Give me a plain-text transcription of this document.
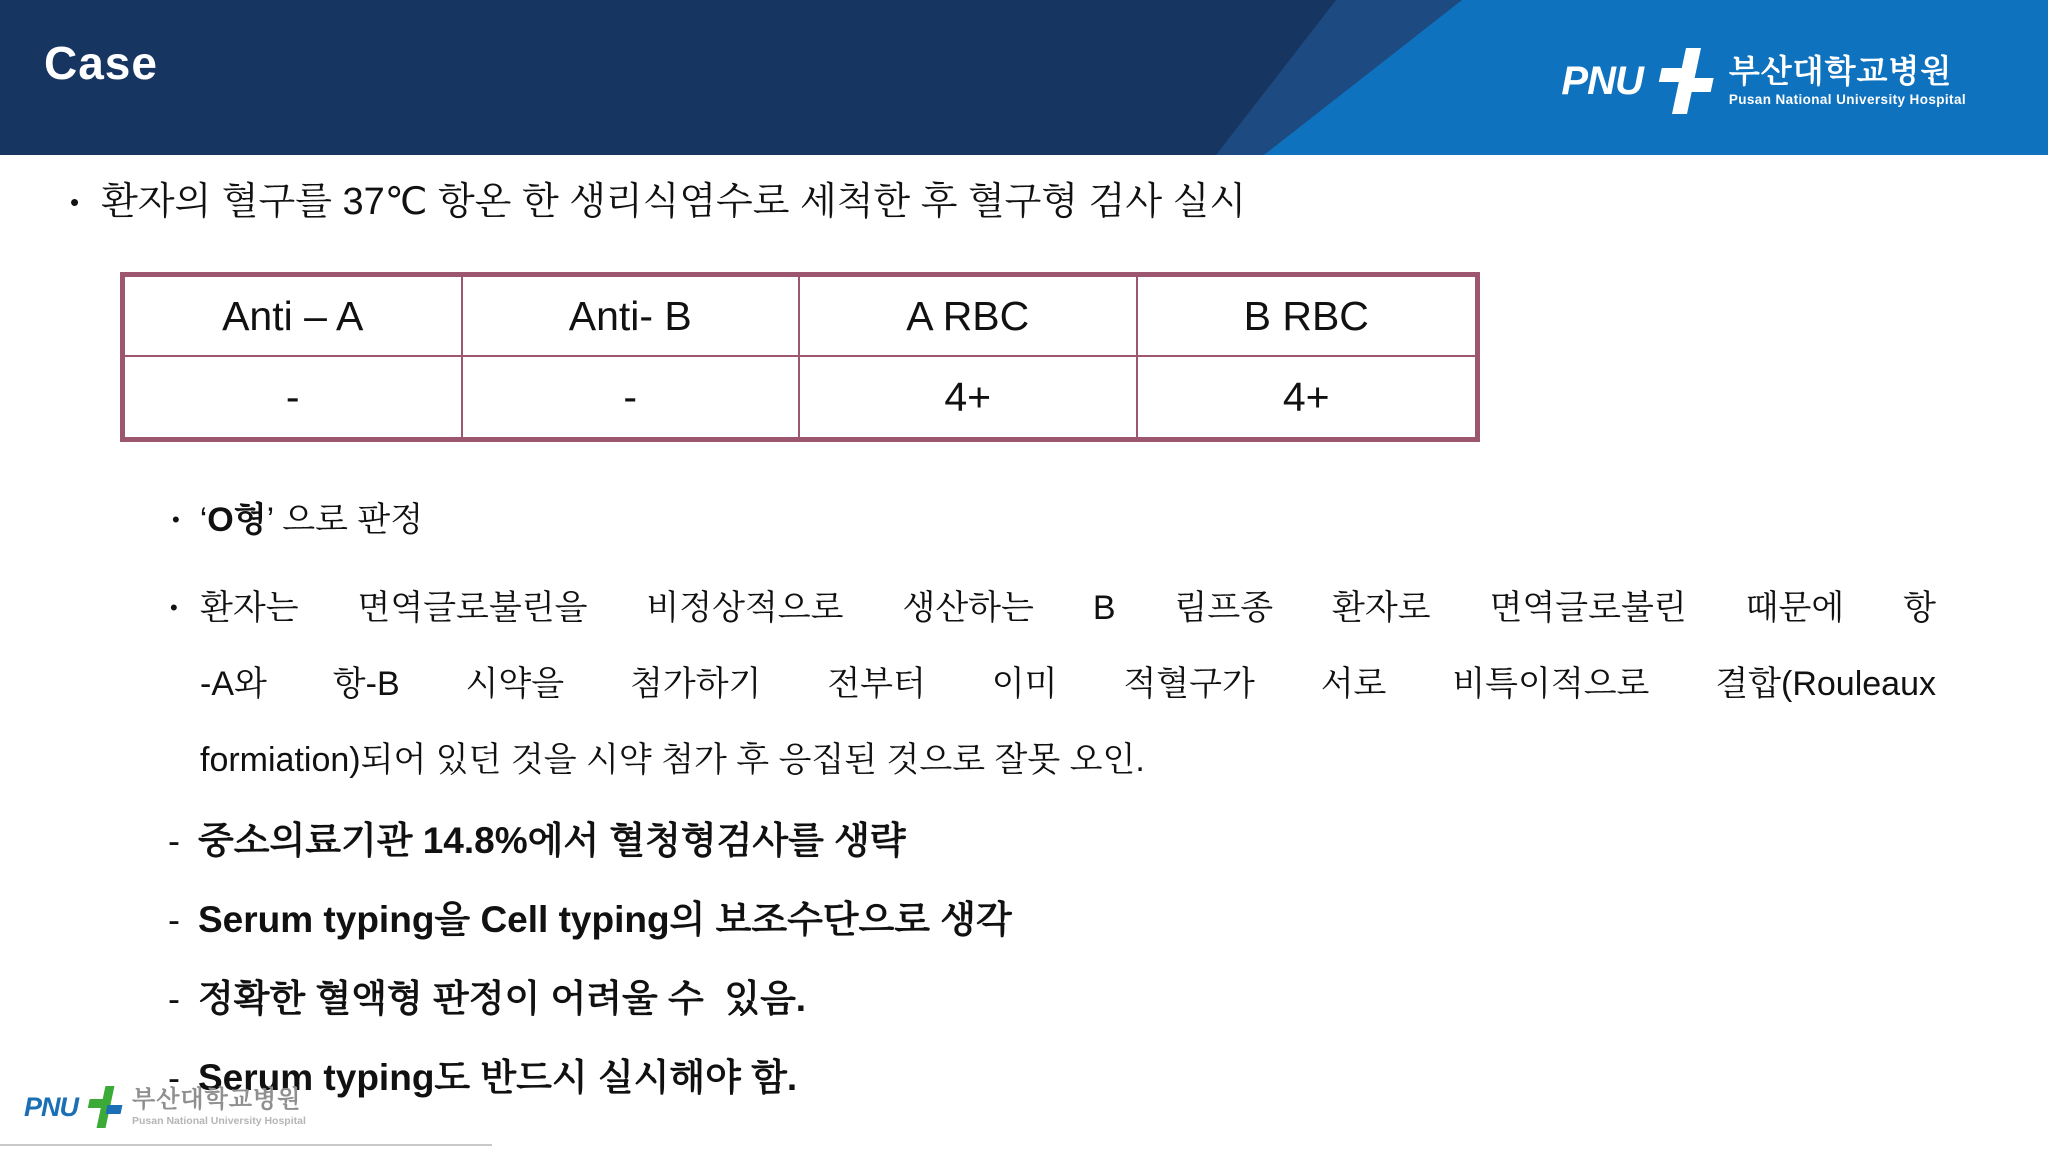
Case	PNU	부산대학교병원
Pusan National University Hospital
• 환자의 혈구를 37℃ 항온 한 생리식염수로 세척한 후 혈구형 검사 실시
Anti – A	Anti- B	A RBC	B RBC
-	-	4+	4+
• ‘O형’ 으로 판정
• 환자는 면역글로불린을 비정상적으로 생산하는 B 림프종 환자로 면역글로불린 때문에 항
-A와 항-B 시약을 첨가하기 전부터 이미 적혈구가 서로 비특이적으로 결합(Rouleaux
formiation)되어 있던 것을 시약 첨가 후 응집된 것으로 잘못 오인.
- 중소의료기관 14.8%에서 혈청형검사를 생략
- Serum typing을 Cell typing의 보조수단으로 생각
- 정확한 혈액형 판정이 어려울 수  있음.
- Serum typing도 반드시 실시해야 함.
PNU 부산대학교병원
Pusan National University Hospital
